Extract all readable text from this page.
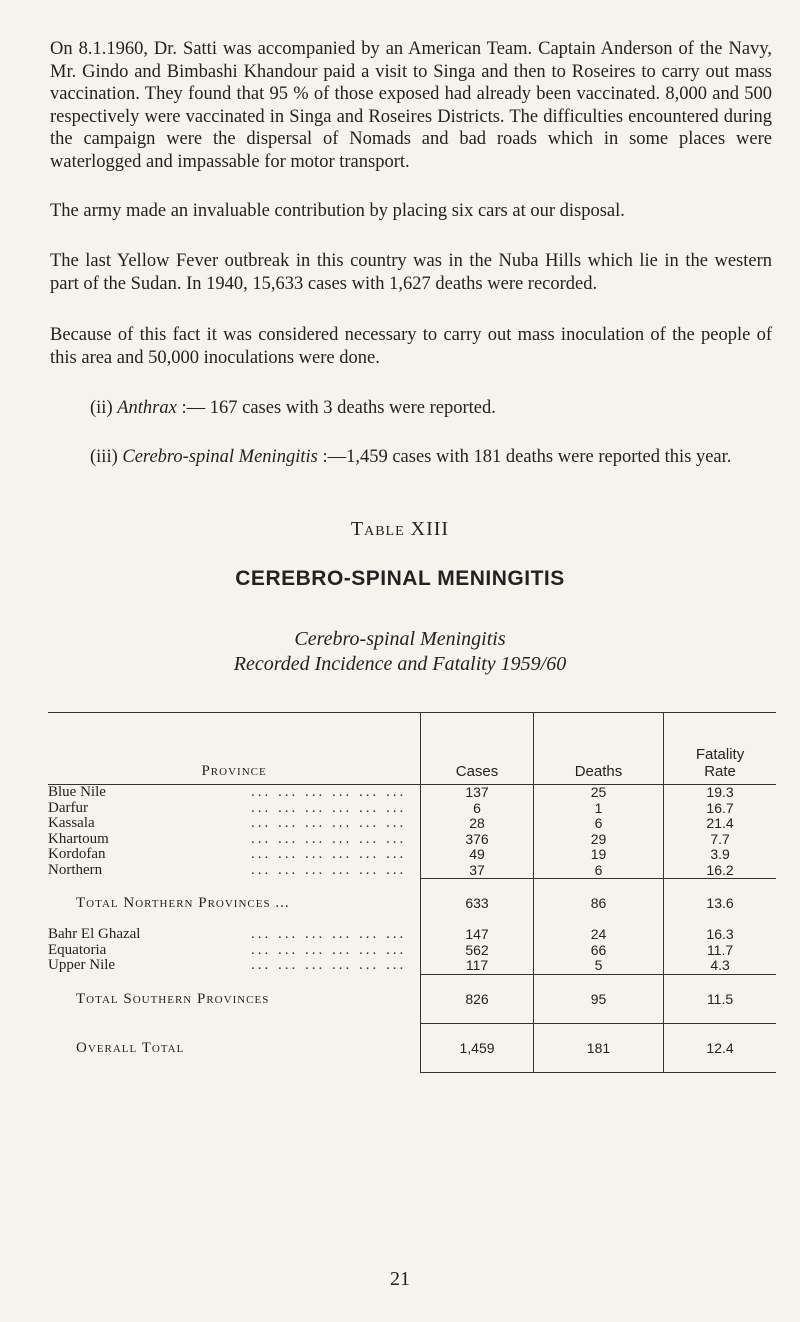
On 8.1.1960, Dr. Satti was accompanied by an American Team. Captain Anderson of the Navy, Mr. Gindo and Bimbashi Khandour paid a visit to Singa and then to Roseires to carry out mass vaccination. They found that 95 % of those exposed had already been vaccinated. 8,000 and 500 respectively were vaccinated in Singa and Roseires Districts. The difficulties encountered during the campaign were the dispersal of Nomads and bad roads which in some places were waterlogged and impassable for motor transport.

The army made an invaluable contribution by placing six cars at our disposal.

The last Yellow Fever outbreak in this country was in the Nuba Hills which lie in the western part of the Sudan. In 1940, 15,633 cases with 1,627 deaths were recorded.

Because of this fact it was considered necessary to carry out mass inoculation of the people of this area and 50,000 inoculations were done.

(ii) Anthrax :— 167 cases with 3 deaths were reported.

(iii) Cerebro-spinal Meningitis :—1,459 cases with 181 deaths were reported this year.

Table XIII
CEREBRO-SPINAL MENINGITIS
Cerebro-spinal Meningitis
Recorded Incidence and Fatality 1959/60
Province	Cases	Deaths	Fatality
Rate

Blue Nile ... ... ... ... ... ...	137	25	19.3

Darfur ... ... ... ... ... ...	6	1	16.7

Kassala ... ... ... ... ... ...	28	6	21.4

Khartoum ... ... ... ... ... ...	376	29	7.7

Kordofan ... ... ... ... ... ...	49	19	3.9

Northern ... ... ... ... ... ...	37	6	16.2
Total Northern Provinces ...	633	86	13.6

Bahr El Ghazal ... ... ... ... ... ...	147	24	16.3

Equatoria ... ... ... ... ... ...	562	66	11.7

Upper Nile ... ... ... ... ... ...	117	5	4.3
Total Southern Provinces	826	95	11.5
Overall Total	1,459	181	12.4
21
